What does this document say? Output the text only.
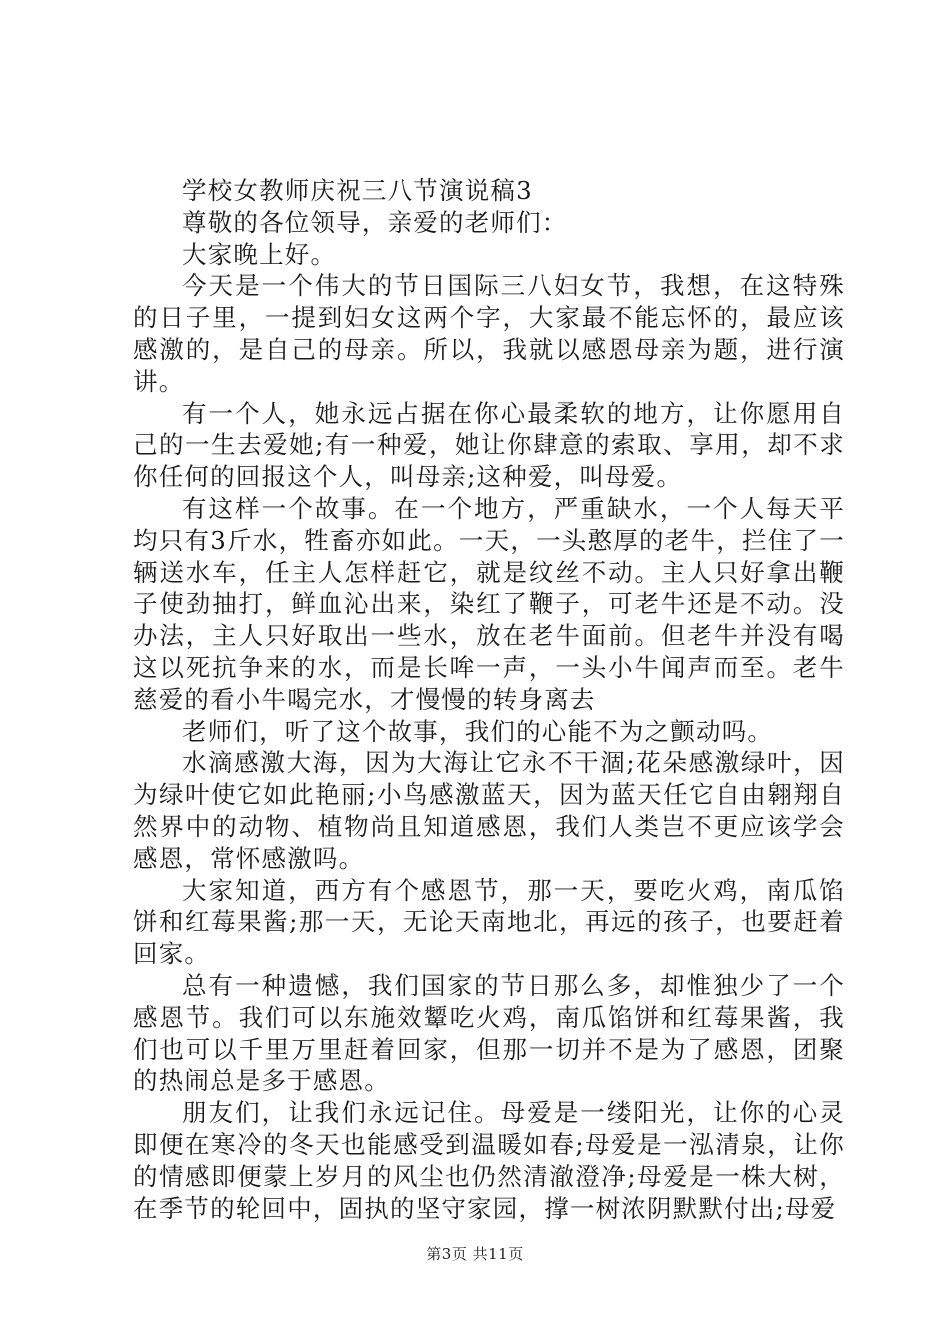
学校女教师庆祝三八节演说稿3

尊敬的各位领导，亲爱的老师们：

大家晚上好。

今天是一个伟大的节日国际三八妇女节，我想，在这特殊的日子里，一提到妇女这两个字，大家最不能忘怀的，最应该感激的，是自己的母亲。所以，我就以感恩母亲为题，进行演讲。

有一个人，她永远占据在你心最柔软的地方，让你愿用自己的一生去爱她;有一种爱，她让你肆意的索取、享用，却不求你任何的回报这个人，叫母亲;这种爱，叫母爱。

有这样一个故事。在一个地方，严重缺水，一个人每天平均只有3斤水，牲畜亦如此。一天，一头憨厚的老牛，拦住了一辆送水车，任主人怎样赶它，就是纹丝不动。主人只好拿出鞭子使劲抽打，鲜血沁出来，染红了鞭子，可老牛还是不动。没办法，主人只好取出一些水，放在老牛面前。但老牛并没有喝这以死抗争来的水，而是长哞一声，一头小牛闻声而至。老牛慈爱的看小牛喝完水，才慢慢的转身离去

老师们，听了这个故事，我们的心能不为之颤动吗。

水滴感激大海，因为大海让它永不干涸;花朵感激绿叶，因为绿叶使它如此艳丽;小鸟感激蓝天，因为蓝天任它自由翱翔自然界中的动物、植物尚且知道感恩，我们人类岂不更应该学会感恩，常怀感激吗。

大家知道，西方有个感恩节，那一天，要吃火鸡，南瓜馅饼和红莓果酱;那一天，无论天南地北，再远的孩子，也要赶着回家。

总有一种遗憾，我们国家的节日那么多，却惟独少了一个感恩节。我们可以东施效颦吃火鸡，南瓜馅饼和红莓果酱，我们也可以千里万里赶着回家，但那一切并不是为了感恩，团聚的热闹总是多于感恩。

朋友们，让我们永远记住。母爱是一缕阳光，让你的心灵即便在寒冷的冬天也能感受到温暖如春;母爱是一泓清泉，让你的情感即便蒙上岁月的风尘也仍然清澈澄净;母爱是一株大树，在季节的轮回中，固执的坚守家园，撑一树浓阴默默付出;母爱

第3页 共11页
